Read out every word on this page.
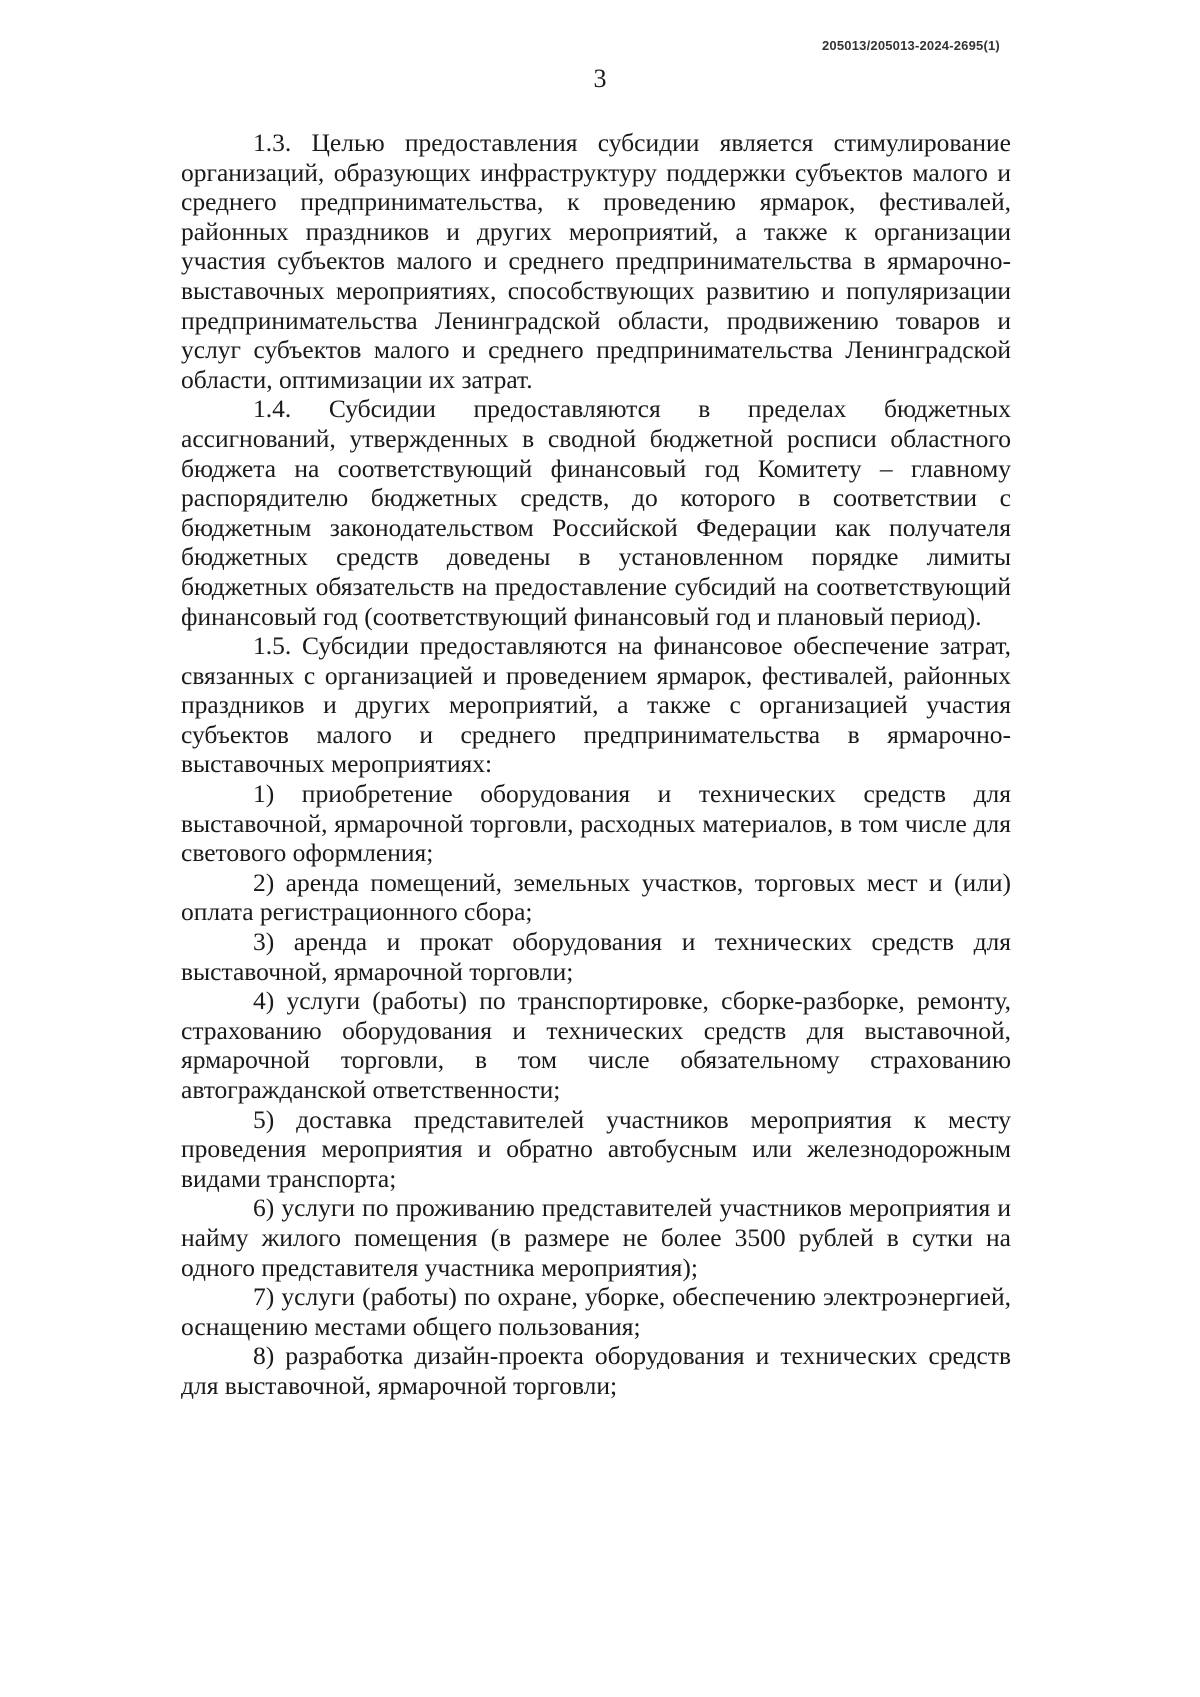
205013/205013-2024-2695(1)
3

1.3. Целью предоставления субсидии является стимулирование организаций, образующих инфраструктуру поддержки субъектов малого и среднего предпринимательства, к проведению ярмарок, фестивалей, районных праздников и других мероприятий, а также к организации участия субъектов малого и среднего предпринимательства в ярмарочно-выставочных мероприятиях, способствующих развитию и популяризации предпринимательства Ленинградской области, продвижению товаров и услуг субъектов малого и среднего предпринимательства Ленинградской области, оптимизации их затрат.

1.4. Субсидии предоставляются в пределах бюджетных ассигнований, утвержденных в сводной бюджетной росписи областного бюджета на соответствующий финансовый год Комитету – главному распорядителю бюджетных средств, до которого в соответствии с бюджетным законодательством Российской Федерации как получателя бюджетных средств доведены в установленном порядке лимиты бюджетных обязательств на предоставление субсидий на соответствующий финансовый год (соответствующий финансовый год и плановый период).

1.5. Субсидии предоставляются на финансовое обеспечение затрат, связанных с организацией и проведением ярмарок, фестивалей, районных праздников и других мероприятий, а также с организацией участия субъектов малого и среднего предпринимательства в ярмарочно-выставочных мероприятиях:

1) приобретение оборудования и технических средств для выставочной, ярмарочной торговли, расходных материалов, в том числе для светового оформления;

2) аренда помещений, земельных участков, торговых мест и (или) оплата регистрационного сбора;

3) аренда и прокат оборудования и технических средств для выставочной, ярмарочной торговли;

4) услуги (работы) по транспортировке, сборке-разборке, ремонту, страхованию оборудования и технических средств для выставочной, ярмарочной торговли, в том числе обязательному страхованию автогражданской ответственности;

5) доставка представителей участников мероприятия к месту проведения мероприятия и обратно автобусным или железнодорожным видами транспорта;

6) услуги по проживанию представителей участников мероприятия и найму жилого помещения (в размере не более 3500 рублей в сутки на одного представителя участника мероприятия);

7) услуги (работы) по охране, уборке, обеспечению электроэнергией, оснащению местами общего пользования;

8) разработка дизайн-проекта оборудования и технических средств для выставочной, ярмарочной торговли;
